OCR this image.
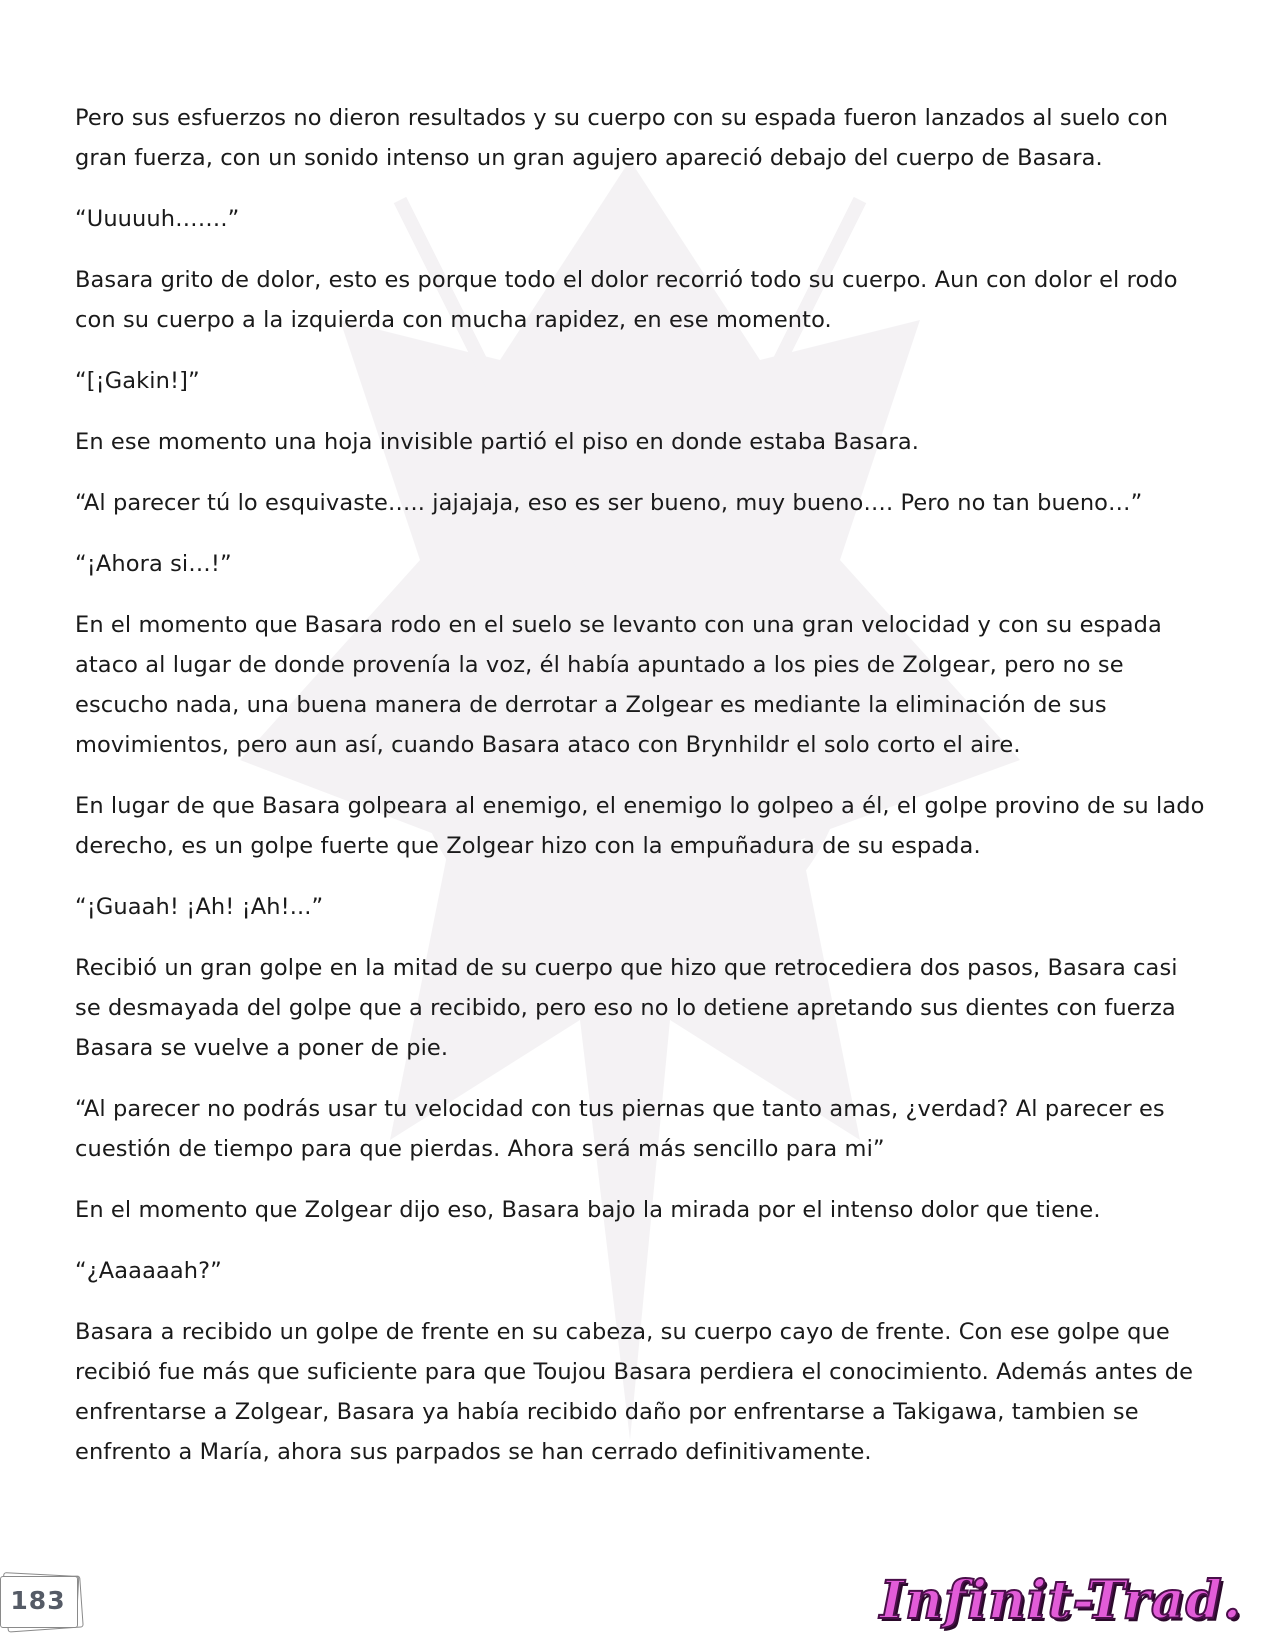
Pero sus esfuerzos no dieron resultados y su cuerpo con su espada fueron lanzados al suelo con gran fuerza, con un sonido intenso un gran agujero apareció debajo del cuerpo de Basara.

“Uuuuuh…….”

Basara grito de dolor, esto es porque todo el dolor recorrió todo su cuerpo. Aun con dolor el rodo con su cuerpo a la izquierda con mucha rapidez, en ese momento.

“[¡Gakin!]”

En ese momento una hoja invisible partió el piso en donde estaba Basara.

“Al parecer tú lo esquivaste….. jajajaja, eso es ser bueno, muy bueno…. Pero no tan bueno…”

“¡Ahora si…!”

En el momento que Basara rodo en el suelo se levanto con una gran velocidad y con su espada ataco al lugar de donde provenía la voz, él había apuntado a los pies de Zolgear, pero no se escucho nada, una buena manera de derrotar a Zolgear es mediante la eliminación de sus movimientos, pero aun así, cuando Basara ataco con Brynhildr el solo corto el aire.

En lugar de que Basara golpeara al enemigo, el enemigo lo golpeo a él, el golpe provino de su lado derecho, es un golpe fuerte que Zolgear hizo con la empuñadura de su espada.

“¡Guaah! ¡Ah! ¡Ah!...”

Recibió un gran golpe en la mitad de su cuerpo que hizo que retrocediera dos pasos, Basara casi se desmayada del golpe que a recibido, pero eso no lo detiene apretando sus dientes con fuerza Basara se vuelve a poner de pie.

“Al parecer no podrás usar tu velocidad con tus piernas que tanto amas, ¿verdad? Al parecer es cuestión de tiempo para que pierdas. Ahora será más sencillo para mi”

En el momento que Zolgear dijo eso, Basara bajo la mirada por el intenso dolor que tiene.

“¿Aaaaaah?”

Basara a recibido un golpe de frente en su cabeza, su cuerpo cayo de frente. Con ese golpe que recibió fue más que suficiente para que Toujou Basara perdiera el conocimiento. Además antes de enfrentarse a Zolgear, Basara ya había recibido daño por enfrentarse a Takigawa, tambien se enfrento a María, ahora sus parpados se han cerrado definitivamente.

183	Infinit-Trad.
